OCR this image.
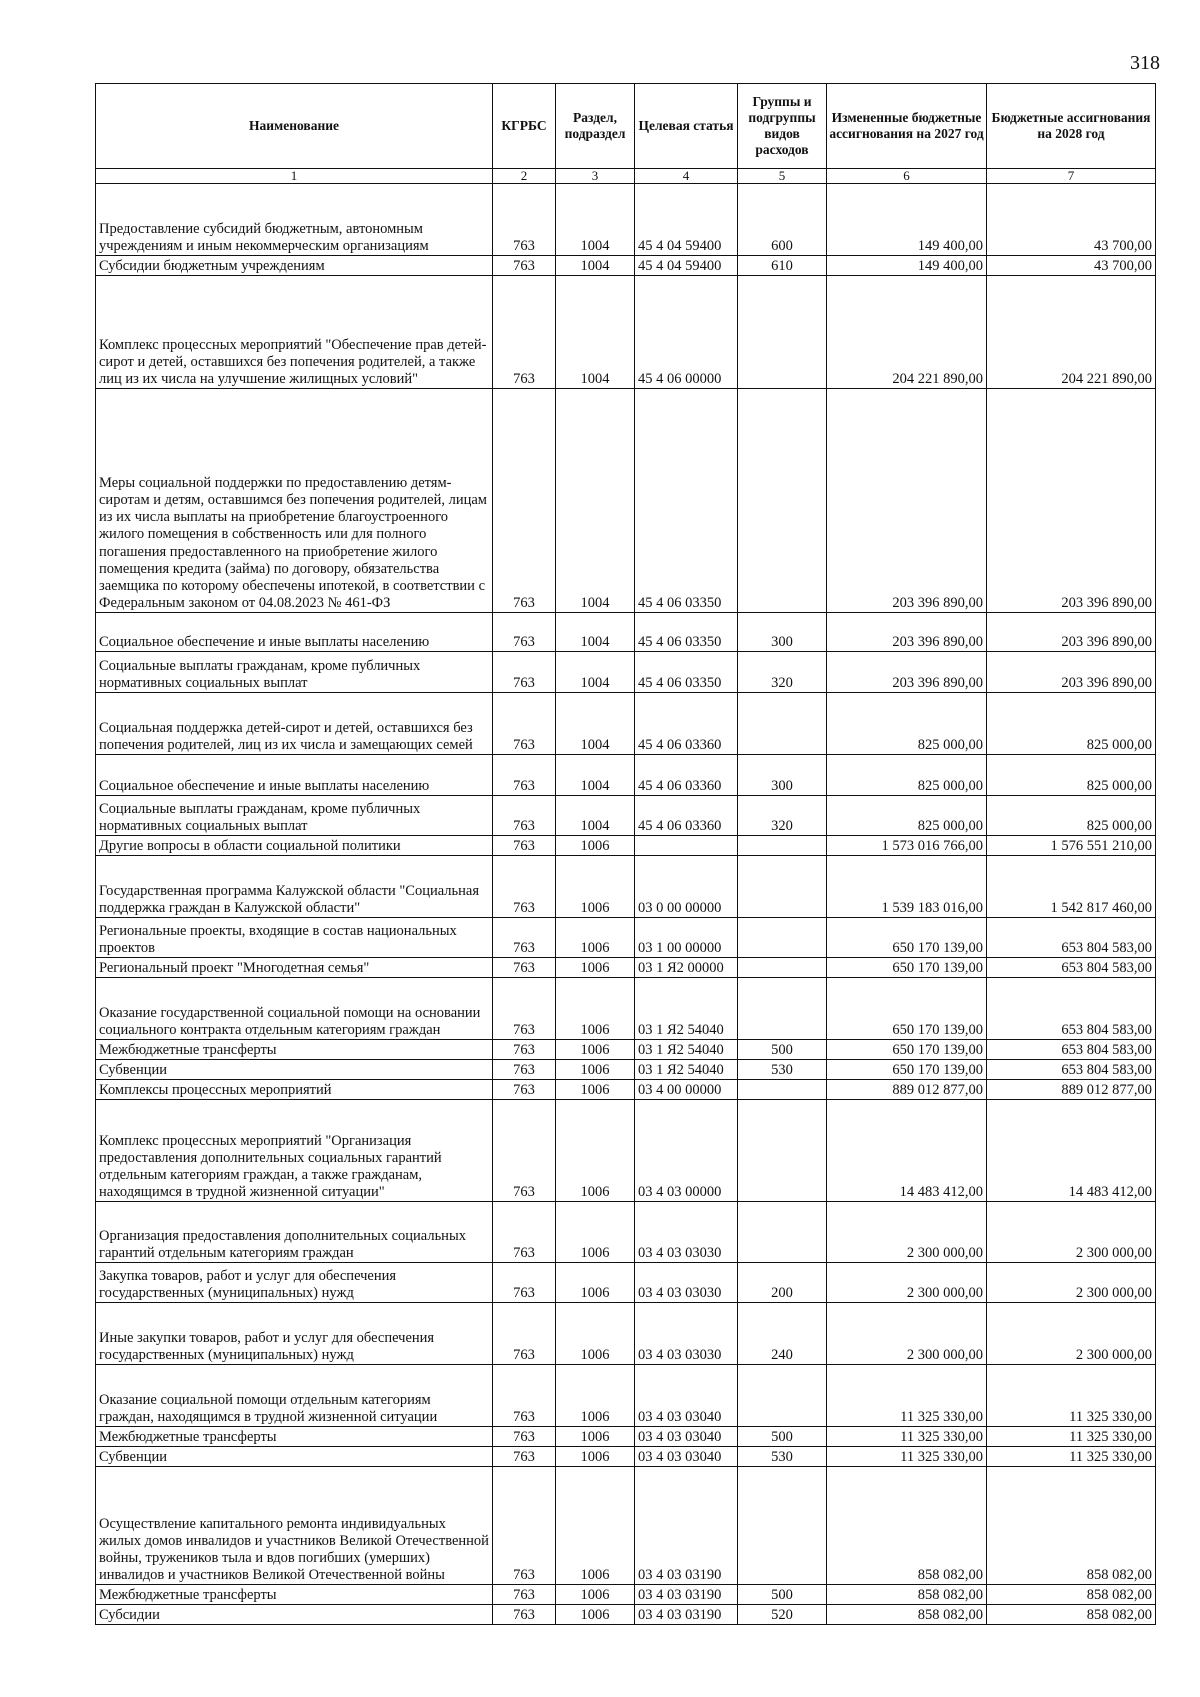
318
Наименование	КГРБС	Раздел, подраздел	Целевая статья	Группы и подгруппы видов расходов	Измененные бюджетные ассигнования на 2027 год	Бюджетные ассигнования на 2028 год
1	2	3	4	5	6	7
Предоставление субсидий бюджетным, автономным учреждениям и иным некоммерческим организациям	763	1004	45 4 04 59400	600	149 400,00	43 700,00
Субсидии бюджетным учреждениям	763	1004	45 4 04 59400	610	149 400,00	43 700,00
Комплекс процессных мероприятий "Обеспечение прав детей-сирот и детей, оставшихся без попечения родителей, а также лиц из их числа на улучшение жилищных условий"	763	1004	45 4 06 00000		204 221 890,00	204 221 890,00
Меры социальной поддержки по предоставлению детям-сиротам и детям, оставшимся без попечения родителей, лицам из их числа выплаты на приобретение благоустроенного жилого помещения в собственность или для полного погашения предоставленного на приобретение жилого помещения кредита (займа) по договору, обязательства заемщика по которому обеспечены ипотекой, в соответствии с Федеральным законом от 04.08.2023 № 461-ФЗ	763	1004	45 4 06 03350		203 396 890,00	203 396 890,00
Социальное обеспечение и иные выплаты населению	763	1004	45 4 06 03350	300	203 396 890,00	203 396 890,00
Социальные выплаты гражданам, кроме публичных нормативных социальных выплат	763	1004	45 4 06 03350	320	203 396 890,00	203 396 890,00
Социальная поддержка детей-сирот и детей, оставшихся без попечения родителей, лиц из их числа и замещающих семей	763	1004	45 4 06 03360		825 000,00	825 000,00
Социальное обеспечение и иные выплаты населению	763	1004	45 4 06 03360	300	825 000,00	825 000,00
Социальные выплаты гражданам, кроме публичных нормативных социальных выплат	763	1004	45 4 06 03360	320	825 000,00	825 000,00
Другие вопросы в области социальной политики	763	1006			1 573 016 766,00	1 576 551 210,00
Государственная программа Калужской области "Социальная поддержка граждан в Калужской области"	763	1006	03 0 00 00000		1 539 183 016,00	1 542 817 460,00
Региональные проекты, входящие в состав национальных проектов	763	1006	03 1 00 00000		650 170 139,00	653 804 583,00
Региональный проект "Многодетная семья"	763	1006	03 1 Я2 00000		650 170 139,00	653 804 583,00
Оказание государственной социальной помощи на основании социального контракта отдельным категориям граждан	763	1006	03 1 Я2 54040		650 170 139,00	653 804 583,00
Межбюджетные трансферты	763	1006	03 1 Я2 54040	500	650 170 139,00	653 804 583,00
Субвенции	763	1006	03 1 Я2 54040	530	650 170 139,00	653 804 583,00
Комплексы процессных мероприятий	763	1006	03 4 00 00000		889 012 877,00	889 012 877,00
Комплекс процессных мероприятий "Организация предоставления дополнительных социальных гарантий отдельным категориям граждан, а также гражданам, находящимся в трудной жизненной ситуации"	763	1006	03 4 03 00000		14 483 412,00	14 483 412,00
Организация предоставления дополнительных социальных гарантий отдельным категориям граждан	763	1006	03 4 03 03030		2 300 000,00	2 300 000,00
Закупка товаров, работ и услуг для обеспечения государственных (муниципальных) нужд	763	1006	03 4 03 03030	200	2 300 000,00	2 300 000,00
Иные закупки товаров, работ и услуг для обеспечения государственных (муниципальных) нужд	763	1006	03 4 03 03030	240	2 300 000,00	2 300 000,00
Оказание социальной помощи отдельным категориям граждан, находящимся в трудной жизненной ситуации	763	1006	03 4 03 03040		11 325 330,00	11 325 330,00
Межбюджетные трансферты	763	1006	03 4 03 03040	500	11 325 330,00	11 325 330,00
Субвенции	763	1006	03 4 03 03040	530	11 325 330,00	11 325 330,00
Осуществление капитального ремонта индивидуальных жилых домов инвалидов и участников Великой Отечественной войны, тружеников тыла и вдов погибших (умерших) инвалидов и участников Великой Отечественной войны	763	1006	03 4 03 03190		858 082,00	858 082,00
Межбюджетные трансферты	763	1006	03 4 03 03190	500	858 082,00	858 082,00
Субсидии	763	1006	03 4 03 03190	520	858 082,00	858 082,00
